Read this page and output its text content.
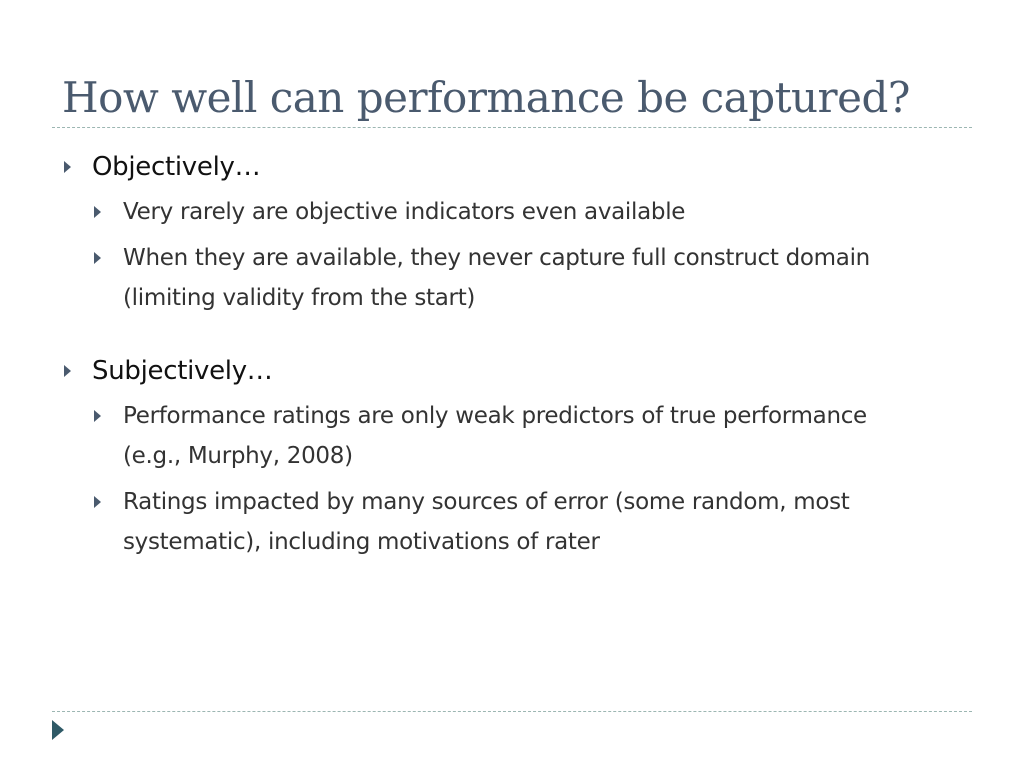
How well can performance be captured?
Objectively…
Very rarely are objective indicators even available
When they are available, they never capture full construct domain (limiting validity from the start)
Subjectively…
Performance ratings are only weak predictors of true performance (e.g., Murphy, 2008)
Ratings impacted by many sources of error (some random, most systematic), including motivations of rater
